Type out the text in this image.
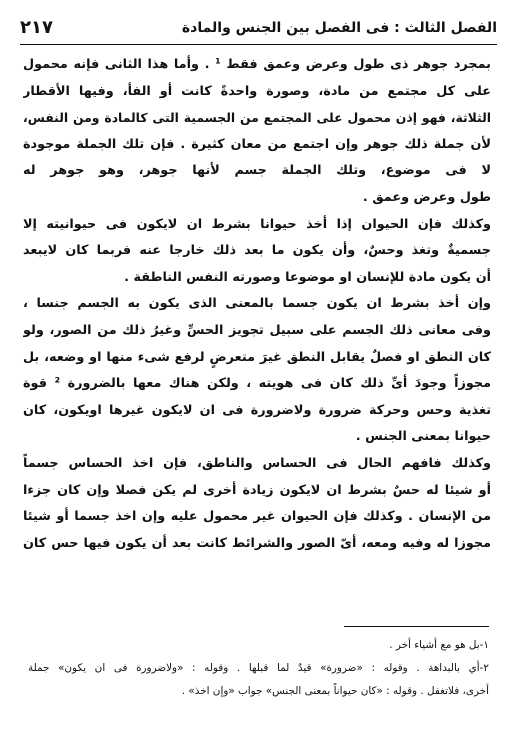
الفصل الثالث : فى الفصل بين الجنس والمادة
٢١٧

بمجرد جوهر ذى طول وعرض وعمق فقط ¹ . وأما هذا الثانى فإنه محمول
على كل مجتمع من مادة، وصورة واحدةً كانت أو الفأ، وفيها الأقطار
الثلاثة، فهو إذن محمول على المجتمع من الجسمية التى كالمادة ومن النفس،
لأن جملة ذلك جوهر وإن اجتمع من معان كثيرة . فإن تلك الجملة موجودة
لا فى موضوع، وتلك الجملة جسم لأنها جوهر، وهو جوهر له
طول وعرض وعمق .

وكذلك فإن الحيوان إذا أخذ حيوانا بشرط ان لايكون فى حيوانيته إلا
جسميةٌ وتغذ وحسٌ، وأن يكون ما بعد ذلك خارجا عنه فربما كان لايبعد
أن يكون مادة للإنسان او موضوعا وصورته النفس الناطقة .

وإن أخذ بشرط ان يكون جسما بالمعنى الذى يكون به الجسم جنسا ،
وفى معانى ذلك الجسم على سبيل تجويز الحسِّ وغيرُ ذلك من الصور، ولو
كان النطق او فصلٌ يقابل النطق غيرَ متعرضٍ لرفع شىء منها او وضعه، بل
مجوزاً وجودَ أىِّ ذلك كان فى هويته ، ولكن هناك معها بالضرورة ² قوة
تغذية وحس وحركة ضرورة ولاضرورة فى ان لايكون غيرها اويكون، كان
حيوانا بمعنى الجنس .

وكذلك فافهم الحال فى الحساس والناطق، فإن اخذ الحساس جسماً
أو شيئا له حسٌ بشرط ان لايكون زيادة أخرى لم يكن فصلا وإن كان جزءا
من الإنسان . وكذلك فإن الحيوان غير محمول عليه وإن اخذ جسما أو شيئا
مجوزا له وفيه ومعه، أىّ الصور والشرائط كانت بعد أن يكون فيها حس كان

١-بل هو مع أشياء أخر .

٢-أي بالبداهة . وقوله : «ضرورة» قيدٌ لما قبلها . وقوله : «ولاضرورة فى ان يكون» جملة
أخرى، فلاتغفل . وقوله : «كان حيواناً بمعنى الجنس» جواب «وإن اخذ» .
